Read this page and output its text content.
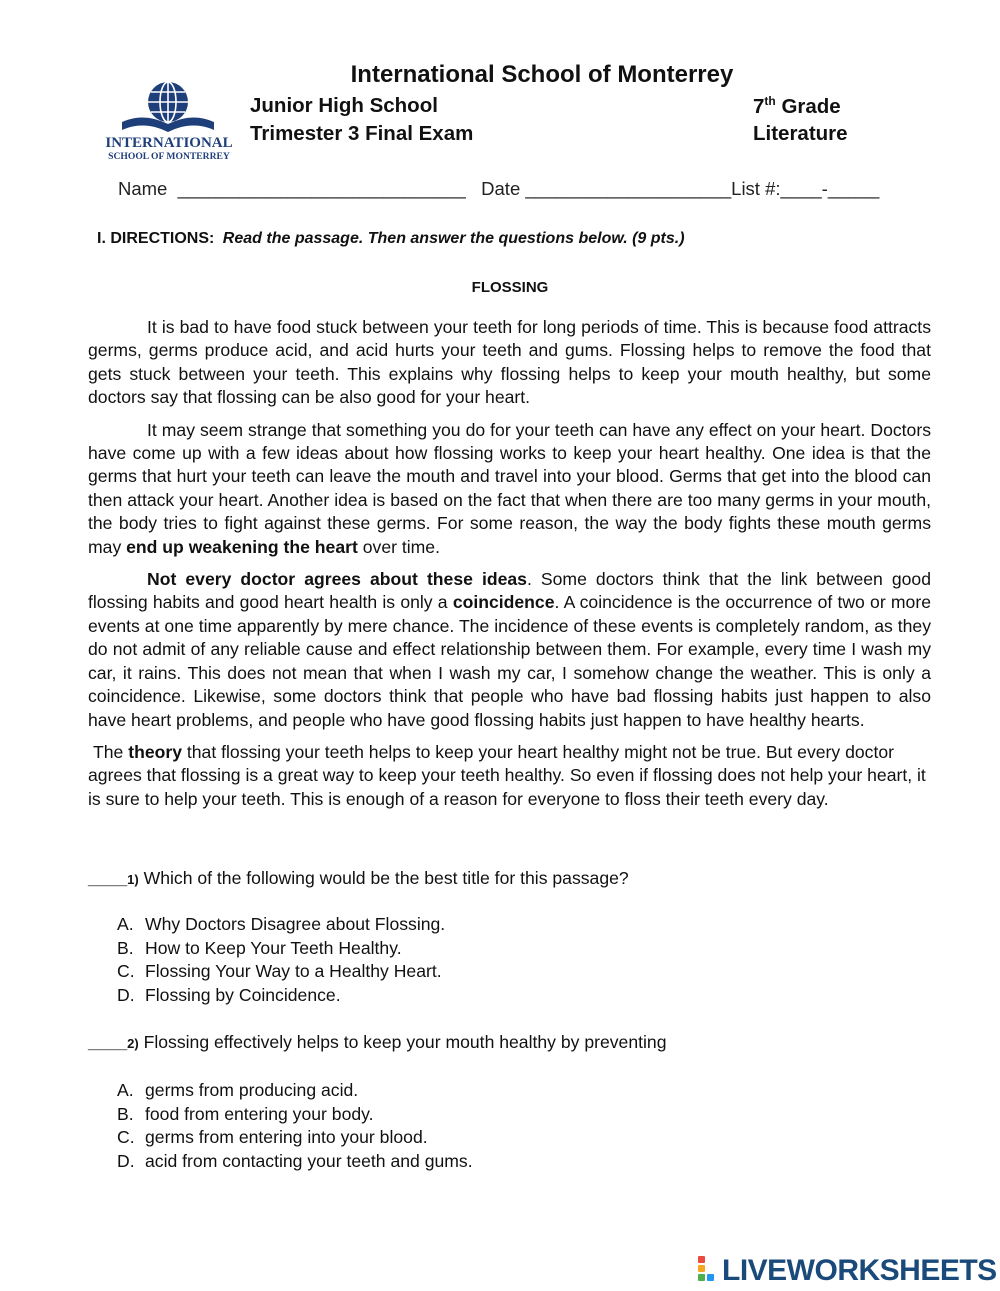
INTERNATIONAL
SCHOOL OF MONTERREY
International School of Monterrey
Junior High School	7th Grade
Trimester 3 Final Exam	Literature
Name ____________________________ Date ____________________List #:____-_____
I. DIRECTIONS: Read the passage. Then answer the questions below. (9 pts.)
FLOSSING

It is bad to have food stuck between your teeth for long periods of time. This is because food attracts germs, germs produce acid, and acid hurts your teeth and gums. Flossing helps to remove the food that gets stuck between your teeth. This explains why flossing helps to keep your mouth healthy, but some doctors say that flossing can be also good for your heart.

It may seem strange that something you do for your teeth can have any effect on your heart. Doctors have come up with a few ideas about how flossing works to keep your heart healthy. One idea is that the germs that hurt your teeth can leave the mouth and travel into your blood. Germs that get into the blood can then attack your heart. Another idea is based on the fact that when there are too many germs in your mouth, the body tries to fight against these germs. For some reason, the way the body fights these mouth germs may end up weakening the heart over time.

Not every doctor agrees about these ideas. Some doctors think that the link between good flossing habits and good heart health is only a coincidence. A coincidence is the occurrence of two or more events at one time apparently by mere chance. The incidence of these events is completely random, as they do not admit of any reliable cause and effect relationship between them. For example, every time I wash my car, it rains. This does not mean that when I wash my car, I somehow change the weather. This is only a coincidence. Likewise, some doctors think that people who have bad flossing habits just happen to also have heart problems, and people who have good flossing habits just happen to have healthy hearts.

The theory that flossing your teeth helps to keep your heart healthy might not be true. But every doctor agrees that flossing is a great way to keep your teeth healthy. So even if flossing does not help your heart, it is sure to help your teeth. This is enough of a reason for everyone to floss their teeth every day.

____1) Which of the following would be the best title for this passage?
A. Why Doctors Disagree about Flossing.
B. How to Keep Your Teeth Healthy.
C. Flossing Your Way to a Healthy Heart.
D. Flossing by Coincidence.
____2) Flossing effectively helps to keep your mouth healthy by preventing
A. germs from producing acid.
B. food from entering your body.
C. germs from entering into your blood.
D. acid from contacting your teeth and gums.
LIVEWORKSHEETS
